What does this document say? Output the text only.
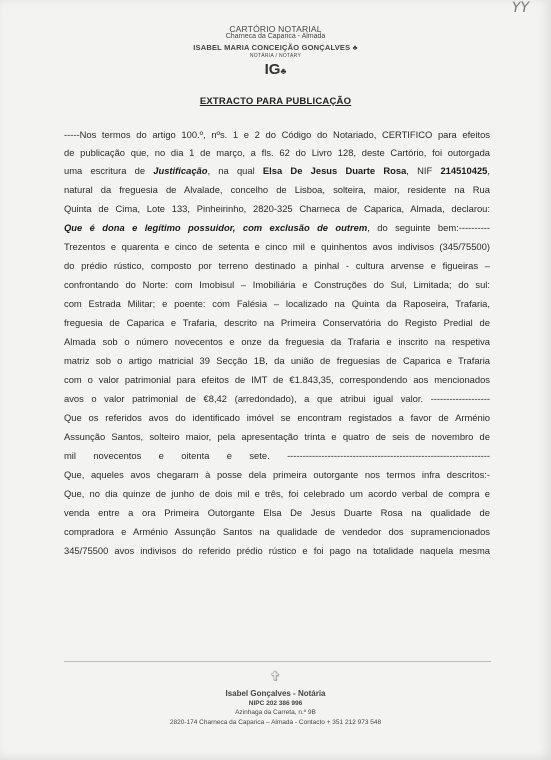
YY
CARTÓRIO NOTARIAL
Charneca da Caparica - Almada
ISABEL MARIA CONCEIÇÃO GONÇALVES ♣
NOTÁRIA / NOTARY
IG♣
EXTRACTO PARA PUBLICAÇÃO
-----Nos termos do artigo 100.º, nºs. 1 e 2 do Código do Notariado, CERTIFICO para efeitos
de publicação que, no dia 1 de março, a fls. 62 do Livro 128, deste Cartório, foi outorgada
uma escritura de Justificação, na qual Elsa De Jesus Duarte Rosa, NIF 214510425,
natural da freguesia de Alvalade, concelho de Lisboa, solteira, maior, residente na Rua
Quinta de Cima, Lote 133, Pinheirinho, 2820-325 Charneca de Caparica, Almada, declarou:
Que é dona e legítimo possuidor, com exclusão de outrem, do seguinte bem:----------
Trezentos e quarenta e cinco de setenta e cinco mil e quinhentos avos indivisos (345/75500)
do prédio rústico, composto por terreno destinado a pinhal - cultura arvense e figueiras –
confrontando do Norte: com Imobisul – Imobiliária e Construções do Sul, Limitada; do sul:
com Estrada Militar; e poente: com Falésia – localizado na Quinta da Raposeira, Trafaria,
freguesia de Caparica e Trafaria, descrito na Primeira Conservatória do Registo Predial de
Almada sob o número novecentos e onze da freguesia da Trafaria e inscrito na respetiva
matriz sob o artigo matricial 39 Secção 1B, da união de freguesias de Caparica e Trafaria
com o valor patrimonial para efeitos de IMT de €1.843,35, correspondendo aos mencionados
avos o valor patrimonial de €8,42 (arredondado), a que atribui igual valor. -------------------
Que os referidos avos do identificado imóvel se encontram registados a favor de Arménio
Assunção Santos, solteiro maior, pela apresentação trinta e quatro de seis de novembro de
mil novecentos e oitenta e sete. -----------------------------------------------------------------
Que, aqueles avos chegaram à posse dela primeira outorgante nos termos infra descritos:-
Que, no dia quinze de junho de dois mil e três, foi celebrado um acordo verbal de compra e
venda entre a ora Primeira Outorgante Elsa De Jesus Duarte Rosa na qualidade de
compradora e Arménio Assunção Santos na qualidade de vendedor dos supramencionados
345/75500 avos indivisos do referido prédio rústico e foi pago na totalidade naquela mesma
✞
Isabel Gonçalves - Notária
NIPC 202 386 996
Azinhaga da Carreta, n.º 9B
2820-174 Charneca da Caparica – Almada - Contacto + 351 212 973 548
